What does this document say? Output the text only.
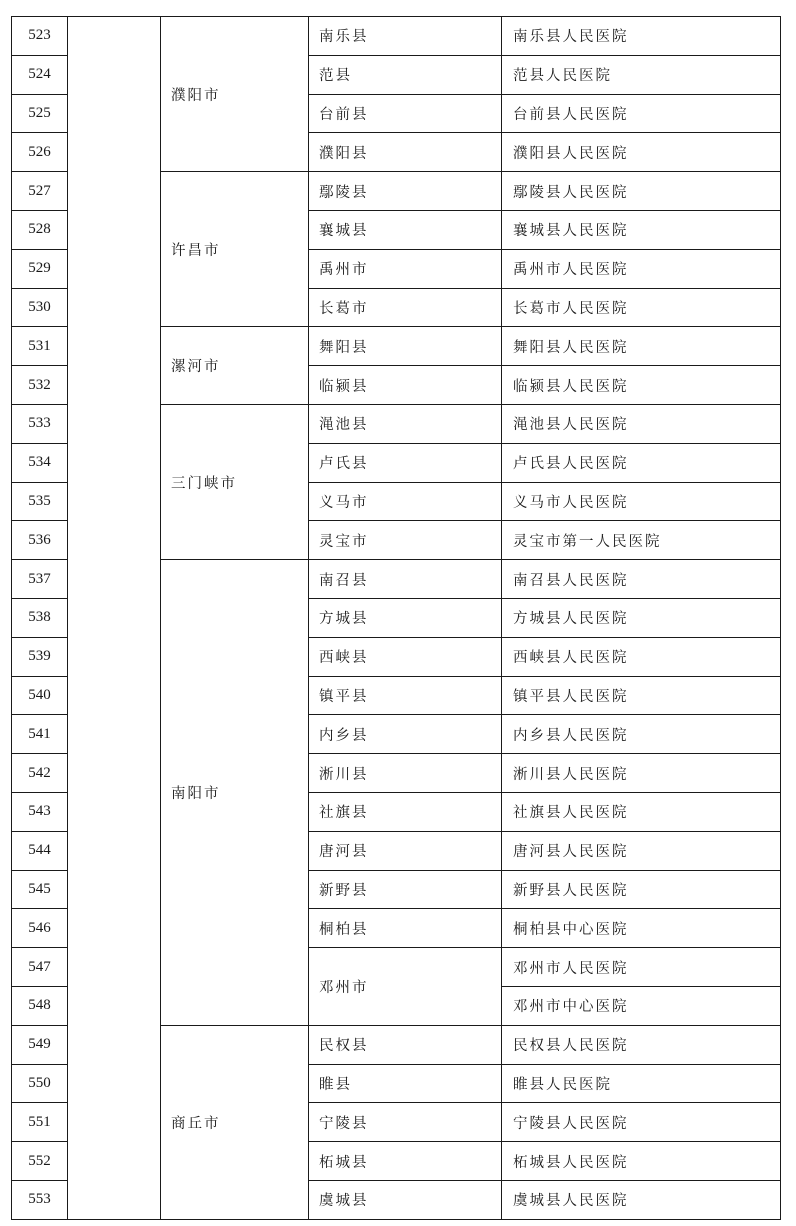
523		濮阳市	南乐县	南乐县人民医院
524			范县	范县人民医院
525			台前县	台前县人民医院
526			濮阳县	濮阳县人民医院
527		许昌市	鄢陵县	鄢陵县人民医院
528			襄城县	襄城县人民医院
529			禹州市	禹州市人民医院
530			长葛市	长葛市人民医院
531		漯河市	舞阳县	舞阳县人民医院
532			临颍县	临颍县人民医院
533		三门峡市	渑池县	渑池县人民医院
534			卢氏县	卢氏县人民医院
535			义马市	义马市人民医院
536			灵宝市	灵宝市第一人民医院
537		南阳市	南召县	南召县人民医院
538			方城县	方城县人民医院
539			西峡县	西峡县人民医院
540			镇平县	镇平县人民医院
541			内乡县	内乡县人民医院
542			淅川县	淅川县人民医院
543			社旗县	社旗县人民医院
544			唐河县	唐河县人民医院
545			新野县	新野县人民医院
546			桐柏县	桐柏县中心医院
547			邓州市	邓州市人民医院
548				邓州市中心医院
549		商丘市	民权县	民权县人民医院
550			睢县	睢县人民医院
551			宁陵县	宁陵县人民医院
552			柘城县	柘城县人民医院
553			虞城县	虞城县人民医院
